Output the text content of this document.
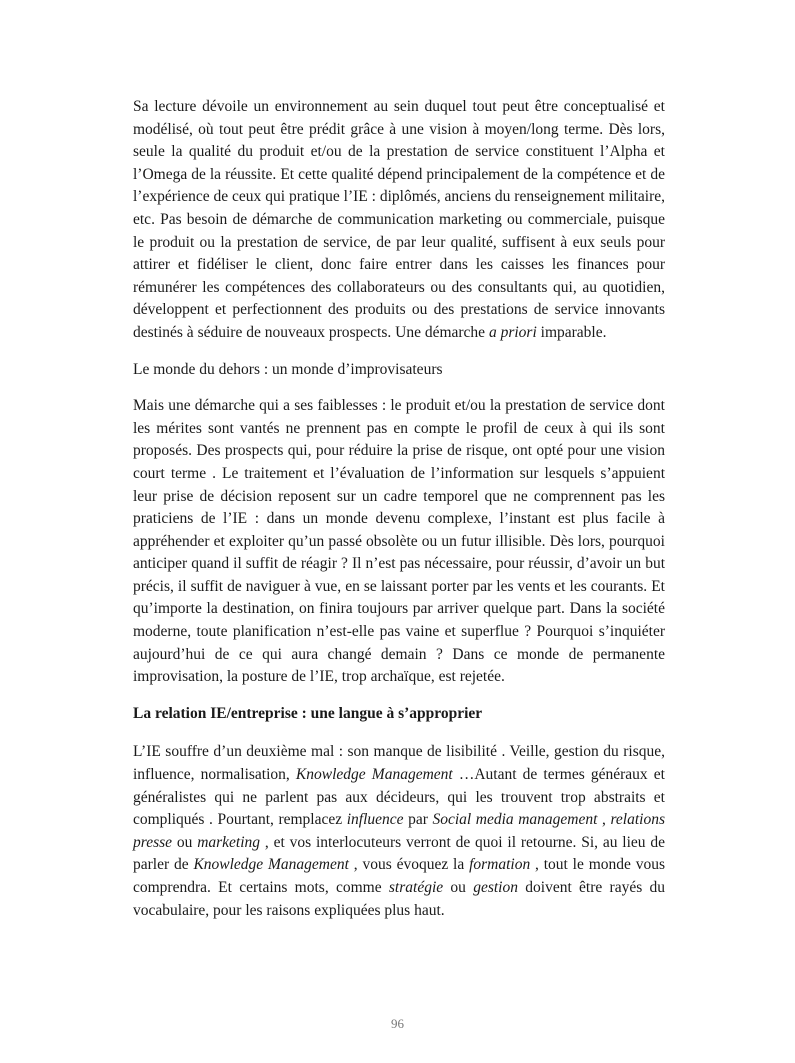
Sa lecture dévoile un environnement au sein duquel tout peut être conceptualisé et modélisé, où tout peut être prédit grâce à une vision à moyen/long terme. Dès lors, seule la qualité du produit et/ou de la prestation de service constituent l’Alpha et l’Omega de la réussite. Et cette qualité dépend principalement de la compétence et de l’expérience de ceux qui pratique l’IE : diplômés, anciens du renseignement militaire, etc. Pas besoin de démarche de communication marketing ou commerciale, puisque le produit ou la prestation de service, de par leur qualité, suffisent à eux seuls pour attirer et fidéliser le client, donc faire entrer dans les caisses les finances pour rémunérer les compétences des collaborateurs ou des consultants qui, au quotidien, développent et perfectionnent des produits ou des prestations de service innovants destinés à séduire de nouveaux prospects. Une démarche a priori imparable.

Le monde du dehors : un monde d’improvisateurs

Mais une démarche qui a ses faiblesses : le produit et/ou la prestation de service dont les mérites sont vantés ne prennent pas en compte le profil de ceux à qui ils sont proposés. Des prospects qui, pour réduire la prise de risque, ont opté pour une vision court terme . Le traitement et l’évaluation de l’information sur lesquels s’appuient leur prise de décision reposent sur un cadre temporel que ne comprennent pas les praticiens de l’IE : dans un monde devenu complexe, l’instant est plus facile à appréhender et exploiter qu’un passé obsolète ou un futur illisible. Dès lors, pourquoi anticiper quand il suffit de réagir ? Il n’est pas nécessaire, pour réussir, d’avoir un but précis, il suffit de naviguer à vue, en se laissant porter par les vents et les courants. Et qu’importe la destination, on finira toujours par arriver quelque part. Dans la société moderne, toute planification n’est-elle pas vaine et superflue ? Pourquoi s’inquiéter aujourd’hui de ce qui aura changé demain ? Dans ce monde de permanente improvisation, la posture de l’IE, trop archaïque, est rejetée.

La relation IE/entreprise : une langue à s’approprier

L’IE souffre d’un deuxième mal : son manque de lisibilité . Veille, gestion du risque, influence, normalisation, Knowledge Management …Autant de termes généraux et généralistes qui ne parlent pas aux décideurs, qui les trouvent trop abstraits et compliqués . Pourtant, remplacez influence par Social media management , relations presse ou marketing , et vos interlocuteurs verront de quoi il retourne. Si, au lieu de parler de Knowledge Management , vous évoquez la formation , tout le monde vous comprendra. Et certains mots, comme stratégie ou gestion doivent être rayés du vocabulaire, pour les raisons expliquées plus haut.

96
